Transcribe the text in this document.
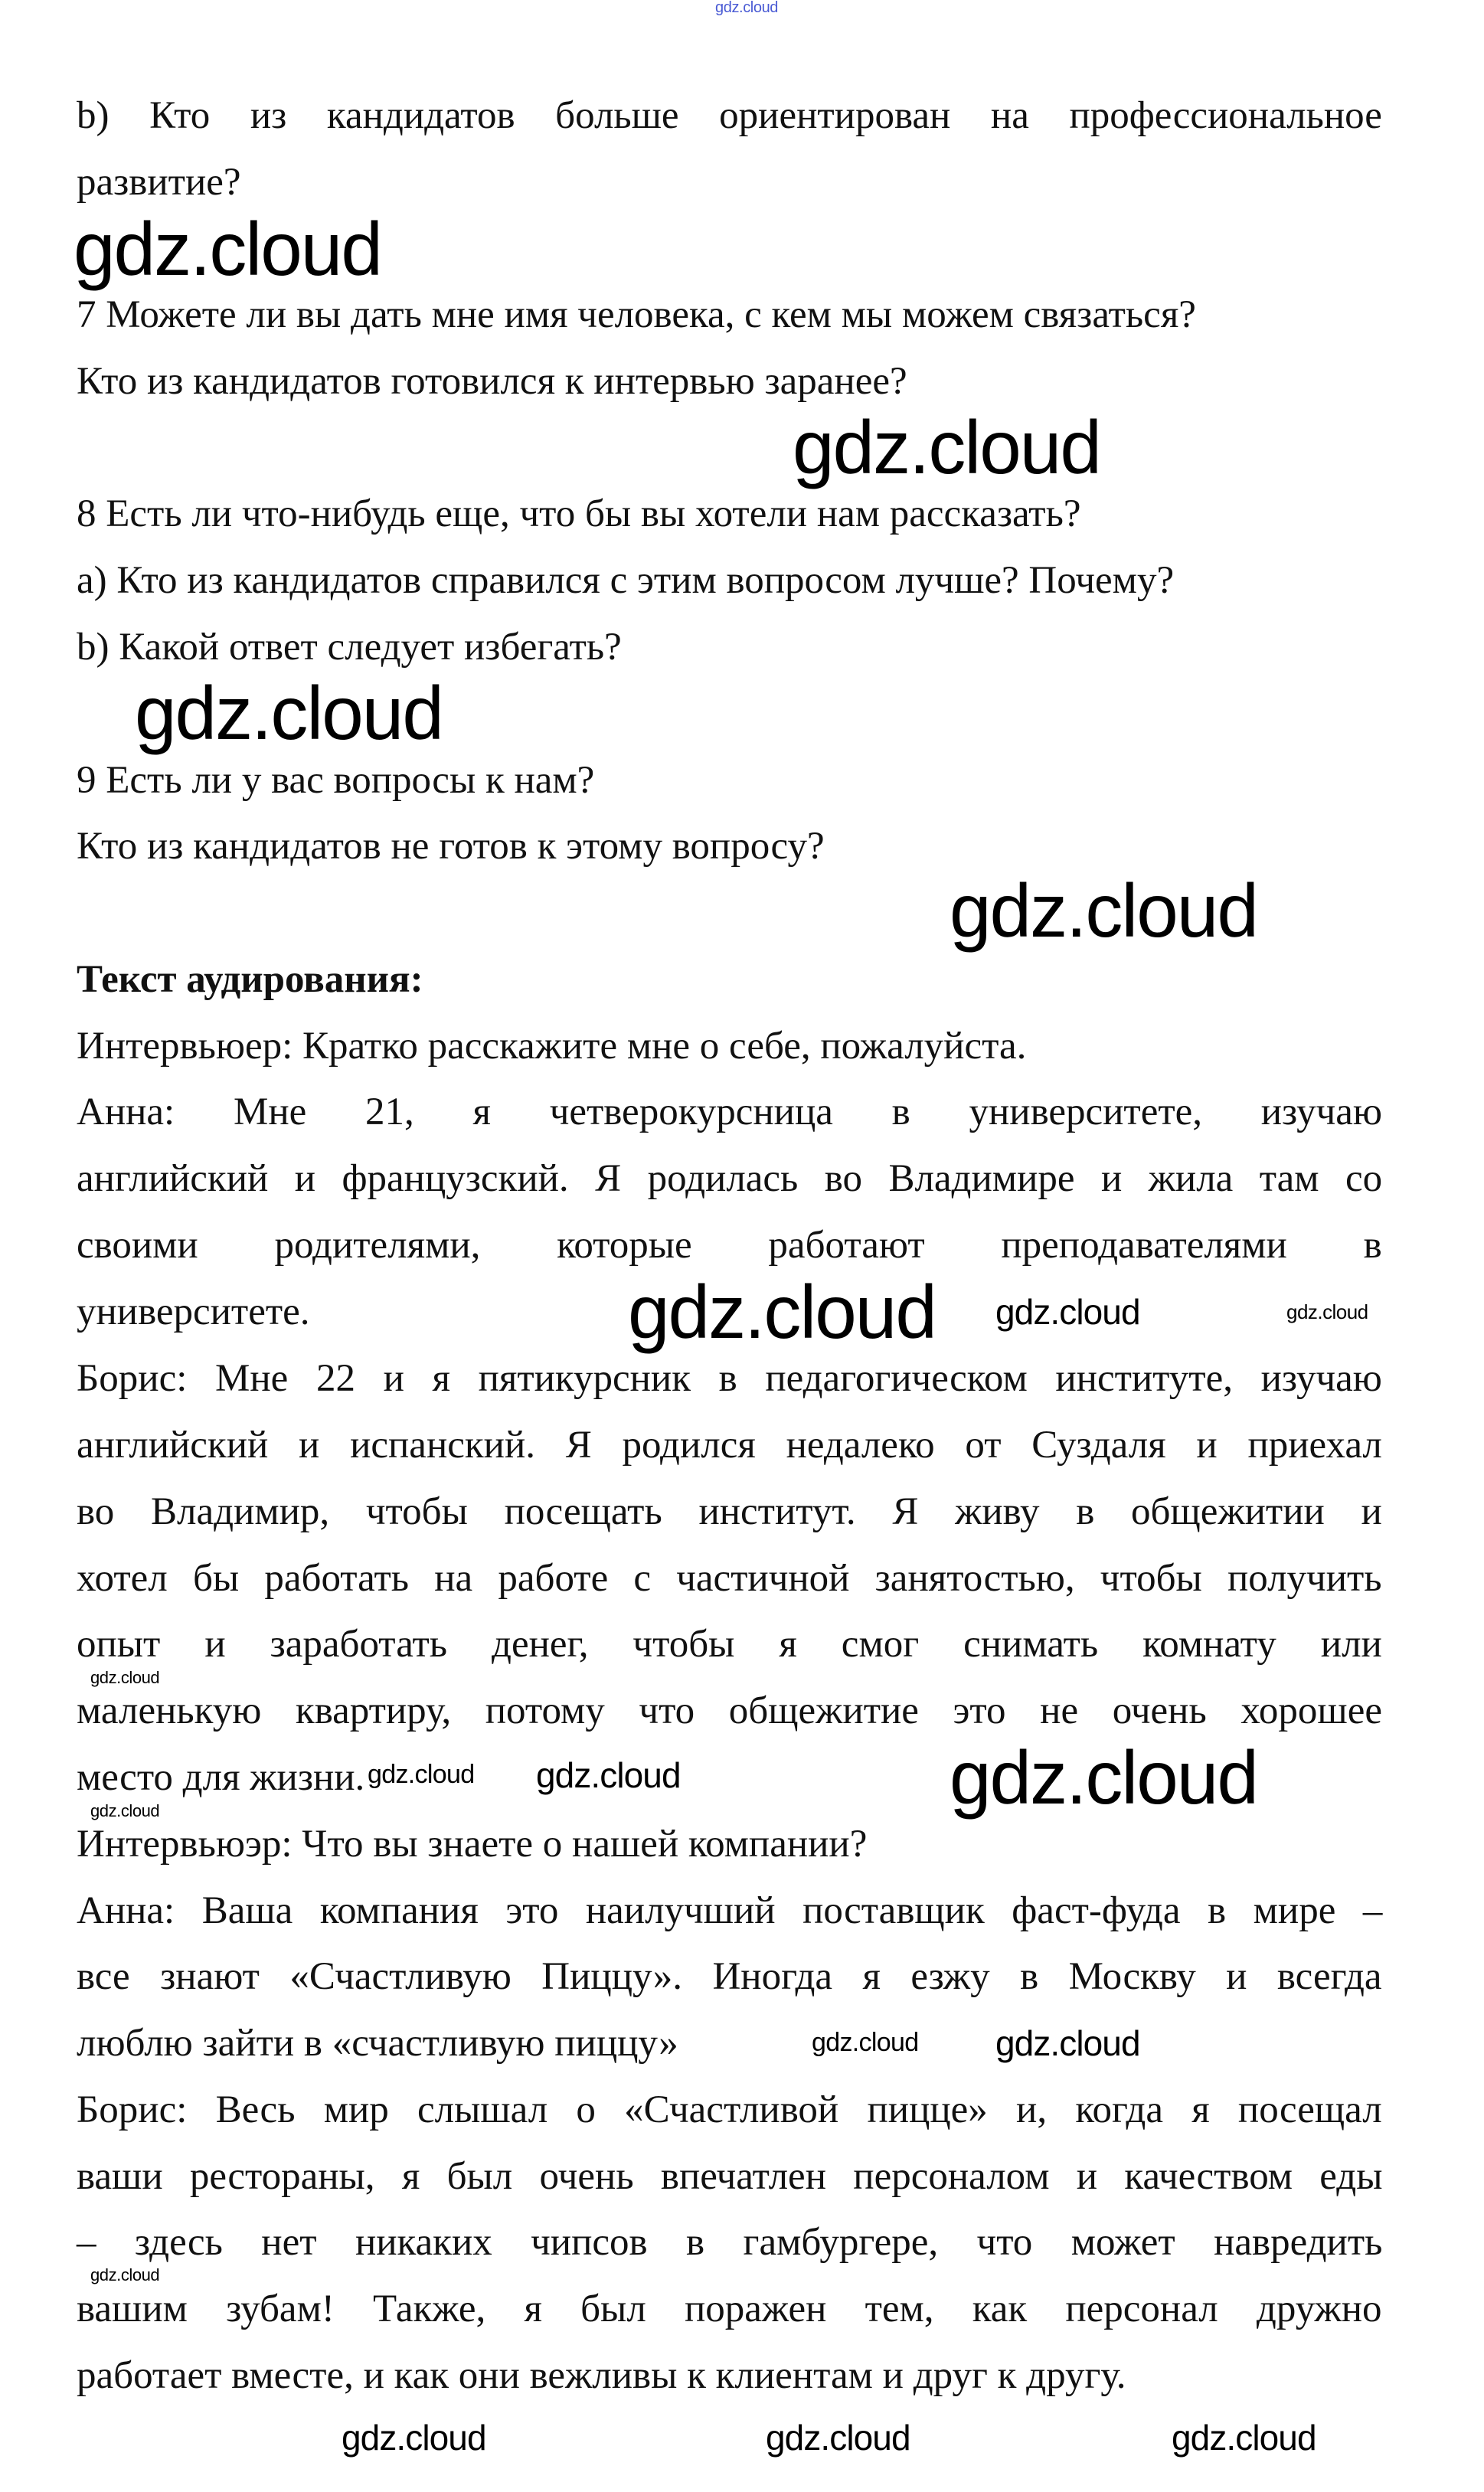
b) Кто из кандидатов больше ориентирован на профессиональное
развитие?
7 Можете ли вы дать мне имя человека, с кем мы можем связаться?
Кто из кандидатов готовился к интервью заранее?
8 Есть ли что-нибудь еще, что бы вы хотели нам рассказать?
a) Кто из кандидатов справился с этим вопросом лучше? Почему?
b) Какой ответ следует избегать?
9 Есть ли у вас вопросы к нам?
Кто из кандидатов не готов к этому вопросу?
Текст аудирования:
Интервьюер: Кратко расскажите мне о себе, пожалуйста.
Анна: Мне 21, я четверокурсница в университете, изучаю
английский и французский. Я родилась во Владимире и жила там со
своими родителями, которые работают преподавателями в
университете.
Борис: Мне 22 и я пятикурсник в педагогическом институте, изучаю
английский и испанский. Я родился недалеко от Суздаля и приехал
во Владимир, чтобы посещать институт. Я живу в общежитии и
хотел бы работать на работе с частичной занятостью, чтобы получить
опыт и заработать денег, чтобы я смог снимать комнату или
маленькую квартиру, потому что общежитие это не очень хорошее
место для жизни.
Интервьюэр: Что вы знаете о нашей компании?
Анна: Ваша компания это наилучший поставщик фаст-фуда в мире –
все знают «Счастливую Пиццу». Иногда я езжу в Москву и всегда
люблю зайти в «счастливую пиццу»
Борис: Весь мир слышал о «Счастливой пицце» и, когда я посещал
ваши рестораны, я был очень впечатлен персоналом и качеством еды
– здесь нет никаких чипсов в гамбургере, что может навредить
вашим зубам! Также, я был поражен тем, как персонал дружно
работает вместе, и как они вежливы к клиентам и друг к другу.
gdz.cloud
gdz.cloud
gdz.cloud
gdz.cloud
gdz.cloud
gdz.cloud gdz.cloud	gdz.cloud
gdz.cloud
gdz.cloud gdz.cloud	gdz.cloud
gdz.cloud
gdz.cloud gdz.cloud
gdz.cloud
gdz.cloud	gdz.cloud	gdz.cloud
